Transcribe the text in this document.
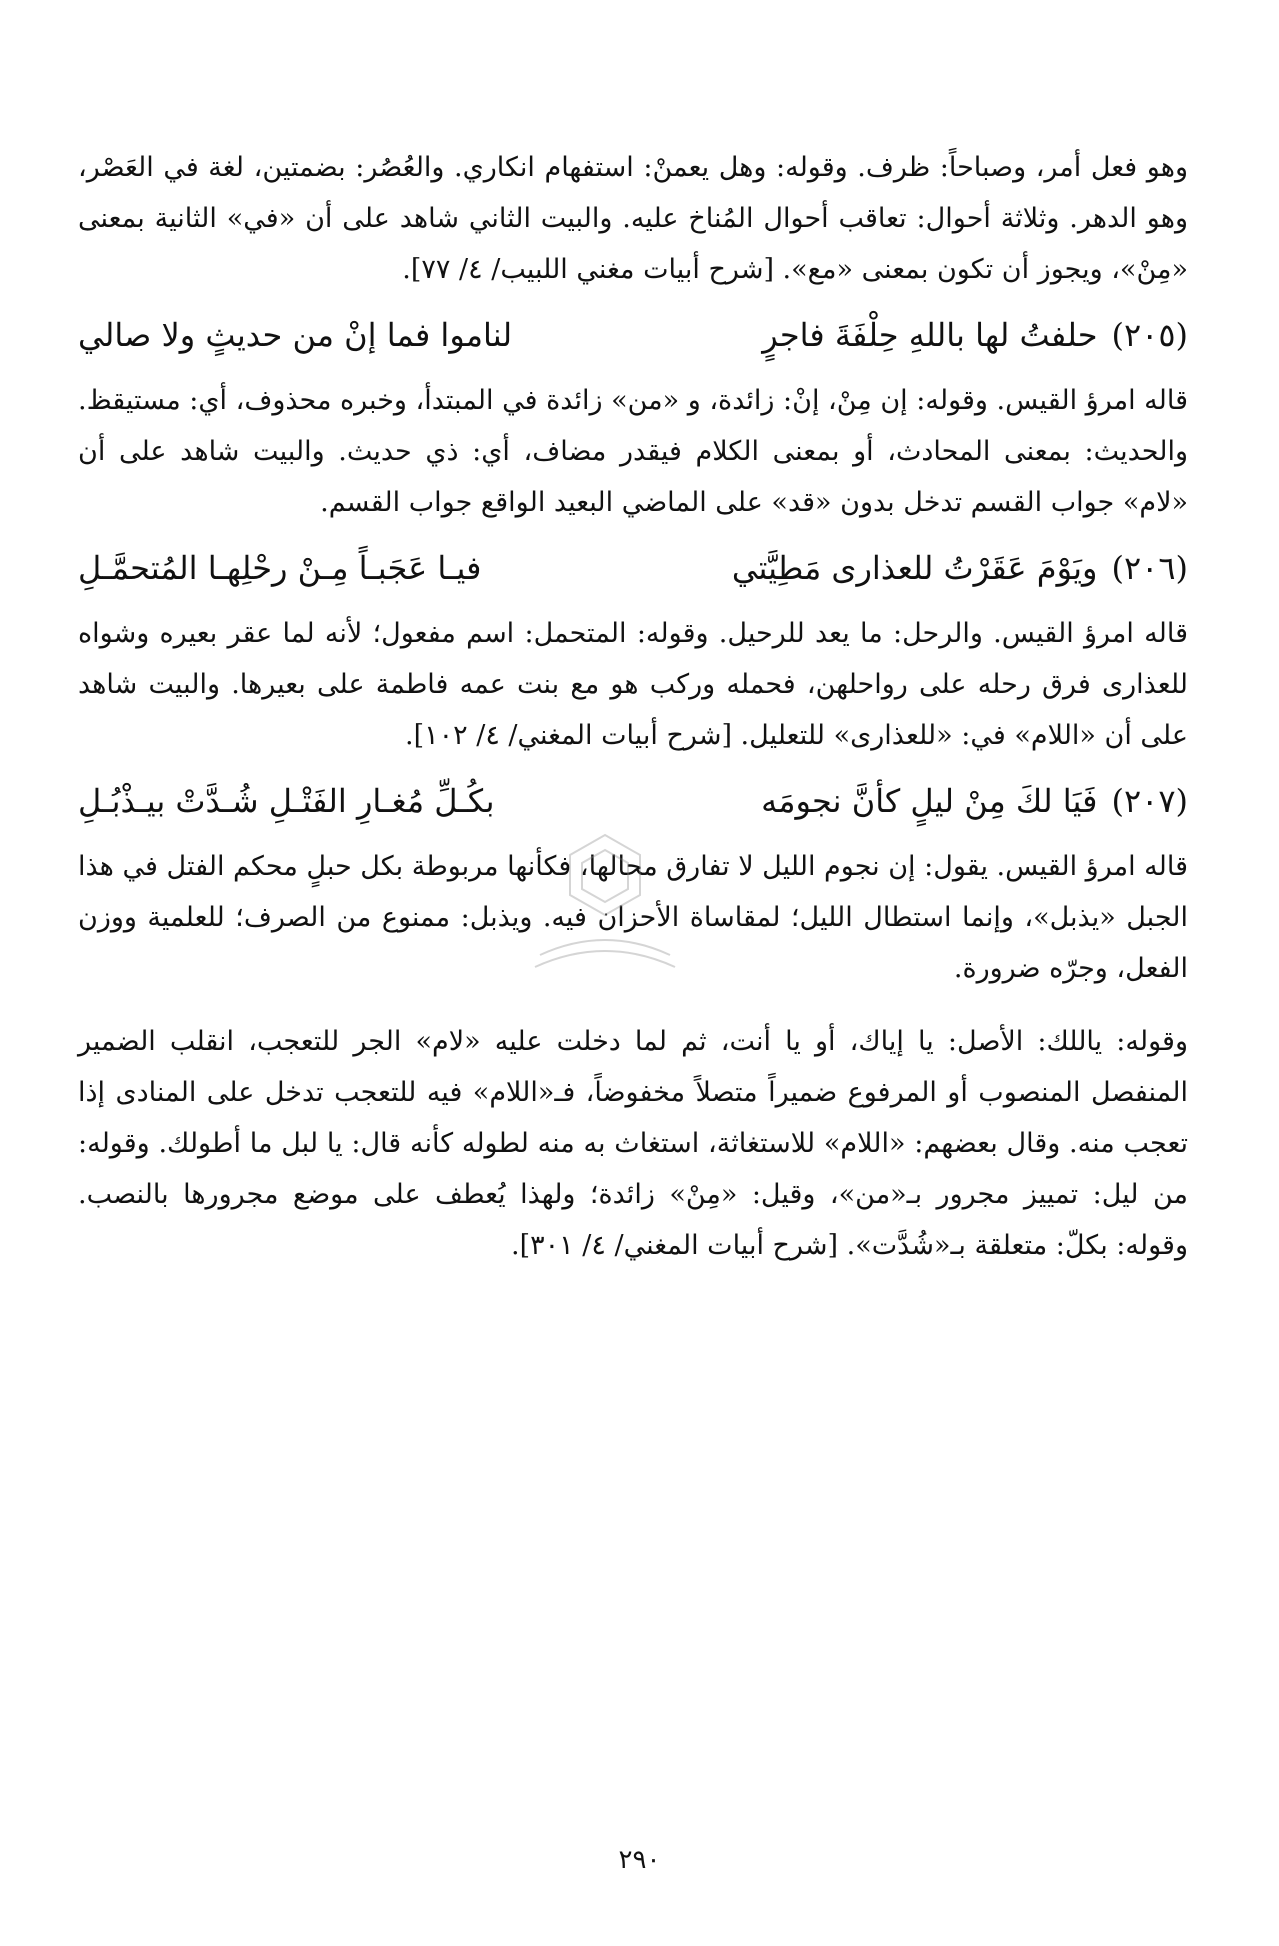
وهو فعل أمر، وصباحاً: ظرف. وقوله: وهل يعمنْ: استفهام انكاري. والعُصُر: بضمتين، لغة في العَصْر، وهو الدهر. وثلاثة أحوال: تعاقب أحوال المُناخ عليه. والبيت الثاني شاهد على أن «في» الثانية بمعنى «مِنْ»، ويجوز أن تكون بمعنى «مع». [شرح أبيات مغني اللبيب/ ٤/ ٧٧].

(٢٠٥)
حلفتُ لها باللهِ حِلْفَةَ فاجرٍ
لناموا فما إنْ من حديثٍ ولا صالي

قاله امرؤ القيس. وقوله: إن مِنْ، إنْ: زائدة، و «من» زائدة في المبتدأ، وخبره محذوف، أي: مستيقظ. والحديث: بمعنى المحادث، أو بمعنى الكلام فيقدر مضاف، أي: ذي حديث. والبيت شاهد على أن «لام» جواب القسم تدخل بدون «قد» على الماضي البعيد الواقع جواب القسم.

(٢٠٦)
ويَوْمَ عَقَرْتُ للعذارى مَطِيَّتي
فيـا عَجَبـاً مِـنْ رحْلِهـا المُتحمَّـلِ

قاله امرؤ القيس. والرحل: ما يعد للرحيل. وقوله: المتحمل: اسم مفعول؛ لأنه لما عقر بعيره وشواه للعذارى فرق رحله على رواحلهن، فحمله وركب هو مع بنت عمه فاطمة على بعيرها. والبيت شاهد على أن «اللام» في: «للعذارى» للتعليل. [شرح أبيات المغني/ ٤/ ١٠٢].

(٢٠٧)
فَيَا لكَ مِنْ ليلٍ كأنَّ نجومَه
بكُـلِّ مُغـارِ الفَتْـلِ شُـدَّتْ بيـذْبُـلِ

قاله امرؤ القيس. يقول: إن نجوم الليل لا تفارق محالها، فكأنها مربوطة بكل حبلٍ محكم الفتل في هذا الجبل «يذبل»، وإنما استطال الليل؛ لمقاساة الأحزان فيه. ويذبل: ممنوع من الصرف؛ للعلمية ووزن الفعل، وجرّه ضرورة.

وقوله: ياللك: الأصل: يا إياك، أو يا أنت، ثم لما دخلت عليه «لام» الجر للتعجب، انقلب الضمير المنفصل المنصوب أو المرفوع ضميراً متصلاً مخفوضاً، فـ«اللام» فيه للتعجب تدخل على المنادى إذا تعجب منه. وقال بعضهم: «اللام» للاستغاثة، استغاث به منه لطوله كأنه قال: يا لبل ما أطولك. وقوله: من ليل: تمييز مجرور بـ«من»، وقيل: «مِنْ» زائدة؛ ولهذا يُعطف على موضع مجرورها بالنصب. وقوله: بكلّ: متعلقة بـ«شُدَّت». [شرح أبيات المغني/ ٤/ ٣٠١].

٢٩٠
